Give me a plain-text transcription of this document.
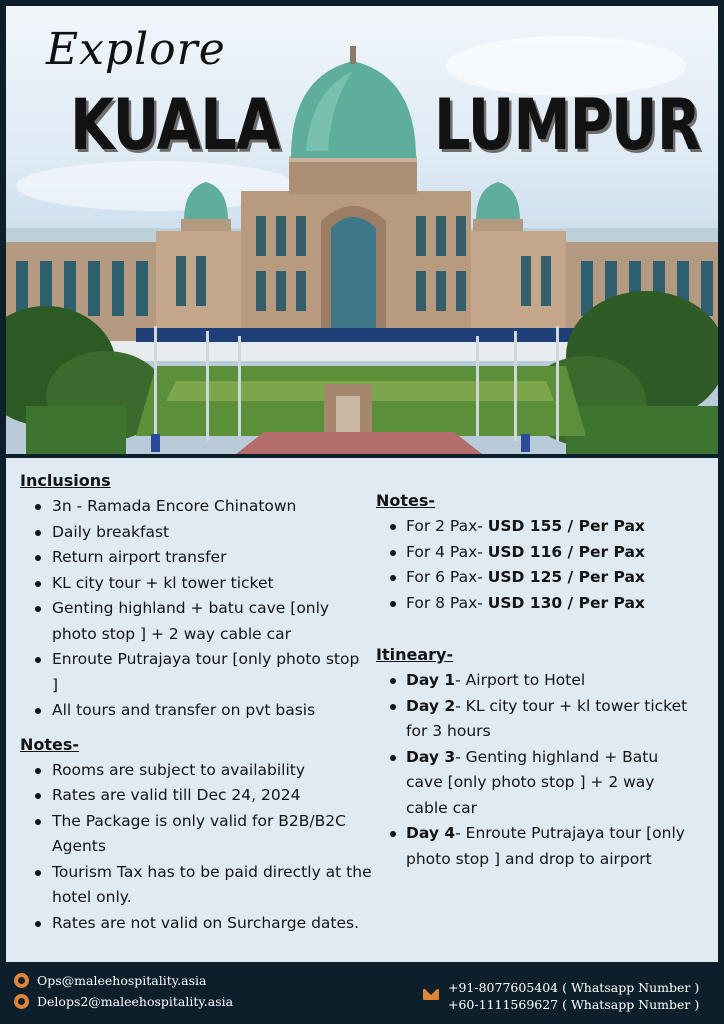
Explore
KUALA LUMPUR
Inclusions
3n - Ramada Encore Chinatown
Daily breakfast
Return airport transfer
KL city tour + kl tower ticket
Genting highland + batu cave [only photo stop ] + 2 way cable car
Enroute Putrajaya tour [only photo stop ]
All tours and transfer on pvt basis
Notes-
Rooms are subject to availability
Rates are valid till Dec 24, 2024
The Package is only valid for B2B/B2C Agents
Tourism Tax has to be paid directly at the hotel only.
Rates are not valid on Surcharge dates.
Notes-
For 2 Pax- USD 155 / Per Pax
For 4 Pax- USD 116 / Per Pax
For 6 Pax- USD 125 / Per Pax
For 8 Pax- USD 130 / Per Pax
Itineary-
Day 1- Airport to Hotel
Day 2- KL city tour + kl tower ticket for 3 hours
Day 3- Genting highland + Batu cave [only photo stop ] + 2 way cable car
Day 4- Enroute Putrajaya tour [only photo stop ] and drop to airport
Ops@maleehospitality.asia
Delops2@maleehospitality.asia
+91-8077605404 ( Whatsapp Number )
+60-1111569627 ( Whatsapp Number )
